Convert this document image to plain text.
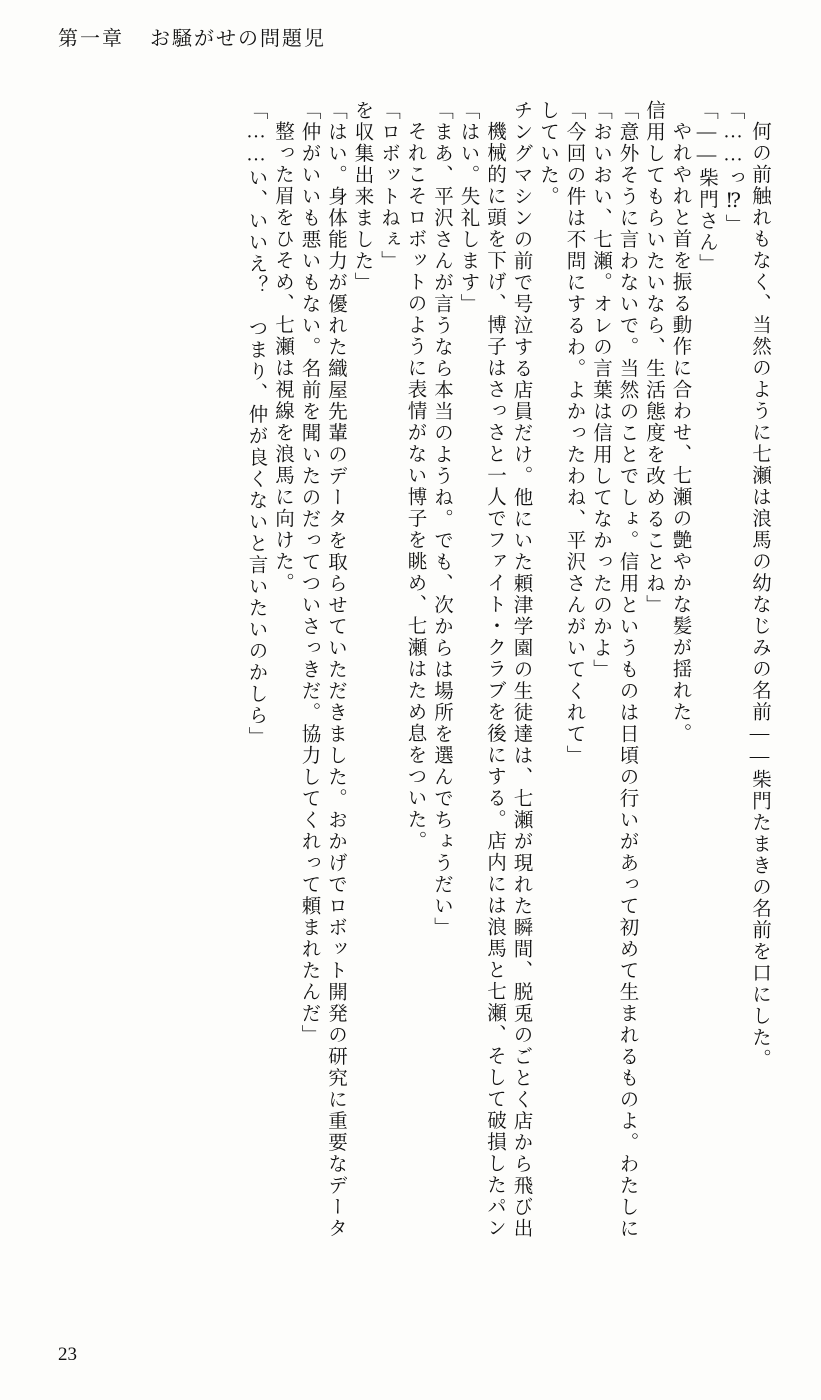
第一章 お騒がせの問題児
「……い、いいえ？　つまり、仲が良くないと言いたいのかしら」 整った眉をひそめ、七瀬は視線を浪馬に向けた。 「仲がいいも悪いもない。名前を聞いたのだってついさっきだ。協力してくれって頼まれたんだ」 「はい。身体能力が優れた織屋先輩のデータを取らせていただきました。おかげでロボット開発の研究に重要なデータ を収集出来ました」 「ロボットねぇ」 それこそロボットのように表情がない博子を眺め、七瀬はため息をついた。 「まあ、平沢さんが言うなら本当のようね。でも、次からは場所を選んでちょうだい」 「はい。失礼します」 機械的に頭を下げ、博子はさっさと一人でファイト・クラブを後にする。店内には浪馬と七瀬、そして破損したパン チングマシンの前で号泣する店員だけ。他にいた頼津学園の生徒達は、七瀬が現れた瞬間、脱兎のごとく店から飛び出 していた。 「今回の件は不問にするわ。よかったわね、平沢さんがいてくれて」 「おいおい、七瀬。オレの言葉は信用してなかったのかよ」 「意外そうに言わないで。当然のことでしょ。信用というものは日頃の行いがあって初めて生まれるものよ。わたしに 信用してもらいたいなら、生活態度を改めることね」 やれやれと首を振る動作に合わせ、七瀬の艶やかな髪が揺れた。 「――柴門さん」 「……っ⁉」 何の前触れもなく、当然のように七瀬は浪馬の幼なじみの名前――柴門たまきの名前を口にした。
23
